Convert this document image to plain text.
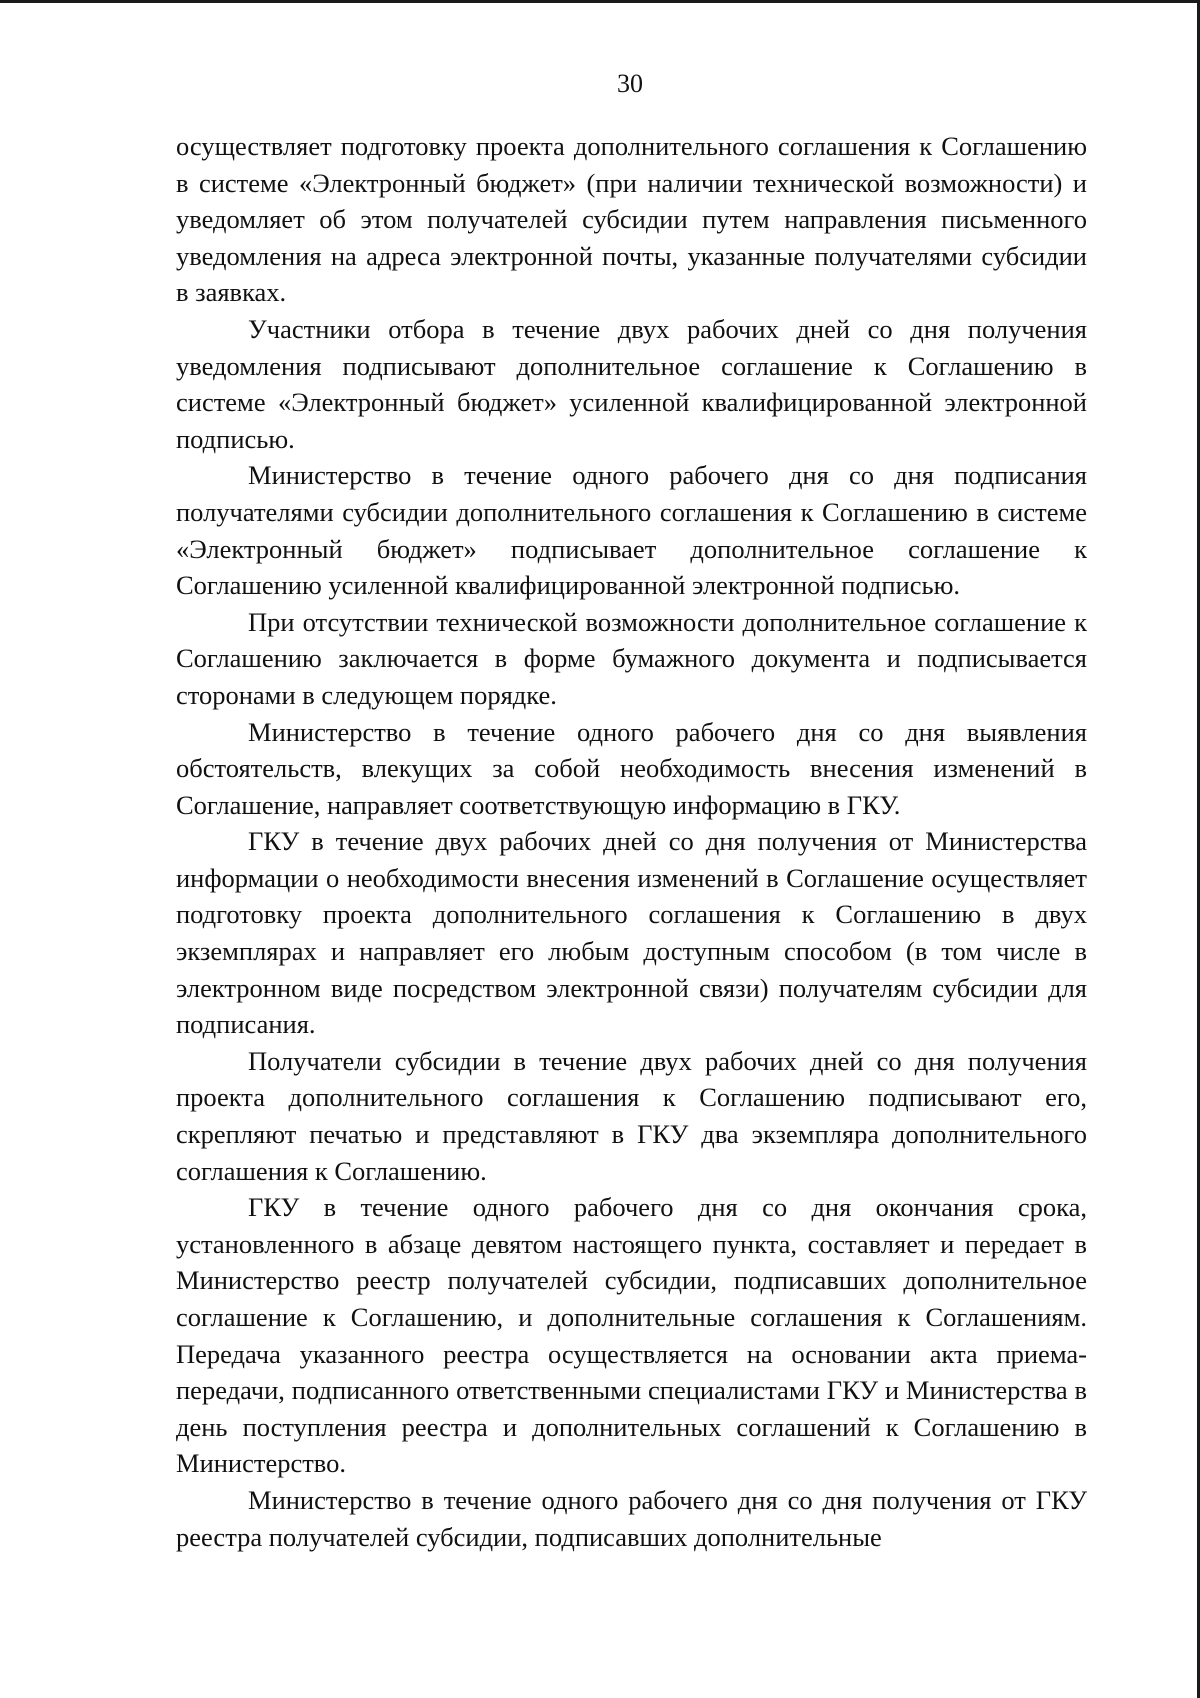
30

осуществляет подготовку проекта дополнительного соглашения к Соглашению в системе «Электронный бюджет» (при наличии технической возможности) и уведомляет об этом получателей субсидии путем направления письменного уведомления на адреса электронной почты, указанные получателями субсидии в заявках.

Участники отбора в течение двух рабочих дней со дня получения уведомления подписывают дополнительное соглашение к Соглашению в системе «Электронный бюджет» усиленной квалифицированной электронной подписью.

Министерство в течение одного рабочего дня со дня подписания получателями субсидии дополнительного соглашения к Соглашению в системе «Электронный бюджет» подписывает дополнительное соглашение к Соглашению усиленной квалифицированной электронной подписью.

При отсутствии технической возможности дополнительное соглашение к Соглашению заключается в форме бумажного документа и подписывается сторонами в следующем порядке.

Министерство в течение одного рабочего дня со дня выявления обстоятельств, влекущих за собой необходимость внесения изменений в Соглашение, направляет соответствующую информацию в ГКУ.

ГКУ в течение двух рабочих дней со дня получения от Министерства информации о необходимости внесения изменений в Соглашение осуществляет подготовку проекта дополнительного соглашения к Соглашению в двух экземплярах и направляет его любым доступным способом (в том числе в электронном виде посредством электронной связи) получателям субсидии для подписания.

Получатели субсидии в течение двух рабочих дней со дня получения проекта дополнительного соглашения к Соглашению подписывают его, скрепляют печатью и представляют в ГКУ два экземпляра дополнительного соглашения к Соглашению.

ГКУ в течение одного рабочего дня со дня окончания срока, установленного в абзаце девятом настоящего пункта, составляет и передает в Министерство реестр получателей субсидии, подписавших дополнительное соглашение к Соглашению, и дополнительные соглашения к Соглашениям. Передача указанного реестра осуществляется на основании акта приема-передачи, подписанного ответственными специалистами ГКУ и Министерства в день поступления реестра и дополнительных соглашений к Соглашению в Министерство.

Министерство в течение одного рабочего дня со дня получения от ГКУ реестра получателей субсидии, подписавших дополнительные
